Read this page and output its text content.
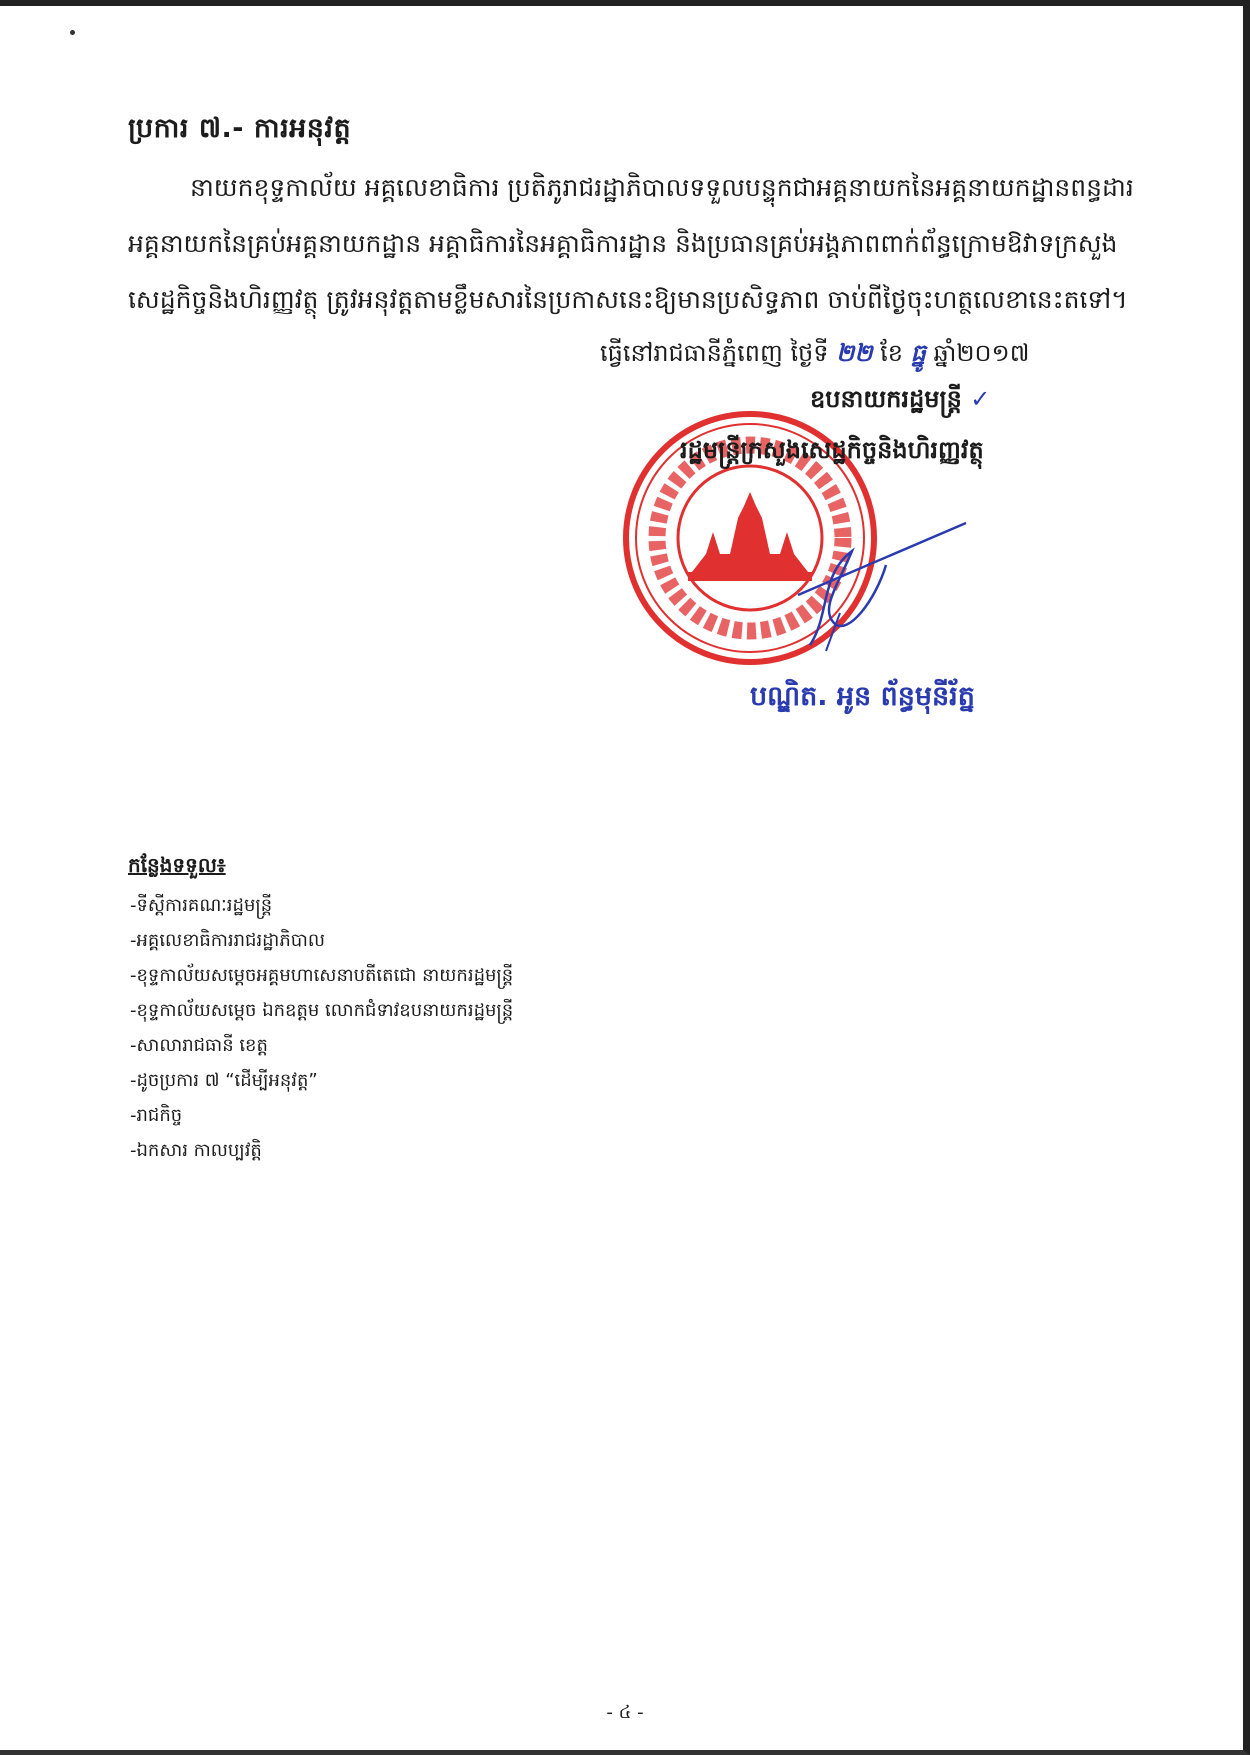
ប្រការ ៧.- ការអនុវត្ត

នាយកខុទ្ទកាល័យ អគ្គលេខាធិការ ប្រតិភូរាជរដ្ឋាភិបាលទទួលបន្ទុកជាអគ្គនាយកនៃអគ្គនាយកដ្ឋានពន្ធដារ

អគ្គនាយកនៃគ្រប់អគ្គនាយកដ្ឋាន អគ្គាធិការនៃអគ្គាធិការដ្ឋាន និងប្រធានគ្រប់អង្គភាពពាក់ព័ន្ធក្រោមឱវាទក្រសួង

សេដ្ឋកិច្ចនិងហិរញ្ញវត្ថុ ត្រូវអនុវត្តតាមខ្លឹមសារនៃប្រកាសនេះឱ្យមានប្រសិទ្ធភាព ចាប់ពីថ្ងៃចុះហត្ថលេខានេះតទៅ។

ធ្វើនៅរាជធានីភ្នំពេញ ថ្ងៃទី ២២ ខែ ធ្នូ ឆ្នាំ២០១៧
ឧបនាយករដ្ឋមន្ត្រី ✓
រដ្ឋមន្ត្រីក្រសួងសេដ្ឋកិច្ចនិងហិរញ្ញវត្ថុ
បណ្ឌិត. អូន ព័ន្ធមុនីរ័ត្ន
កន្លែងទទួល៖
-ទីស្តីការគណៈរដ្ឋមន្ត្រី
-អគ្គលេខាធិការរាជរដ្ឋាភិបាល
-ខុទ្ទកាល័យសម្តេចអគ្គមហាសេនាបតីតេជោ នាយករដ្ឋមន្ត្រី
-ខុទ្ទកាល័យសម្តេច ឯកឧត្តម លោកជំទាវឧបនាយករដ្ឋមន្ត្រី
-សាលារាជធានី ខេត្ត
-ដូចប្រការ ៧ “ដើម្បីអនុវត្ត”
-រាជកិច្ច
-ឯកសារ កាលប្បវត្តិ
- ៤ -
